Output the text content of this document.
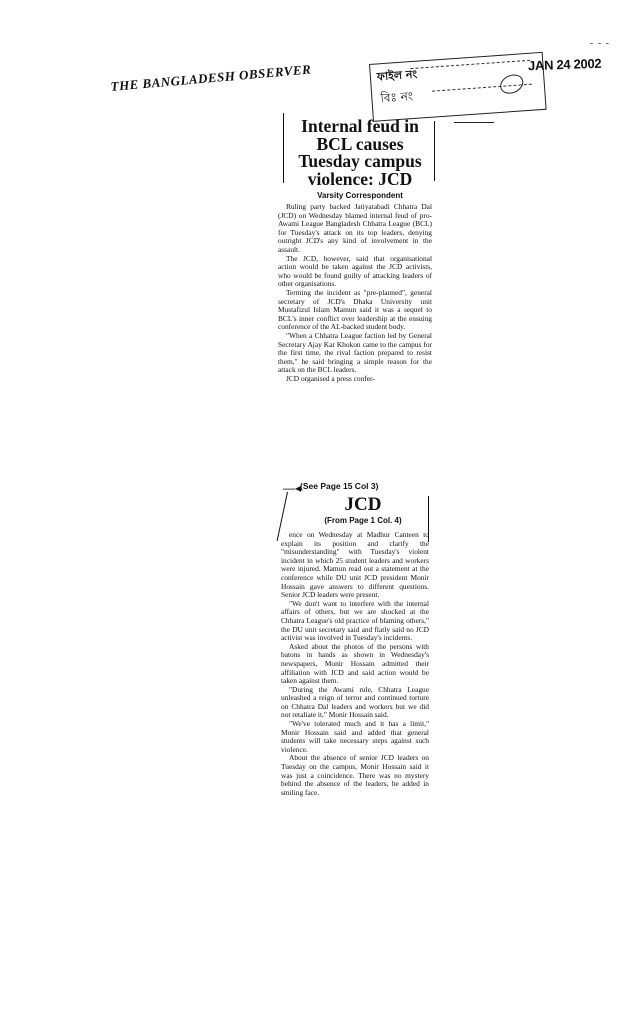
- - -
JAN 24 2002
THE BANGLADESH OBSERVER	ফাইল নং
বিঃ নং
Internal feud in BCL causes Tuesday campus violence: JCD
Varsity Correspondent

Ruling party backed Jatiyatabadi Chhatra Dal (JCD) on Wednesday blamed internal feud of pro-Awami League Bangladesh Chhatra League (BCL) for Tuesday's attack on its top leaders, denying outright JCD's any kind of involvement in the assault.

The JCD, however, said that organisational action would be taken against the JCD activists, who would be found guilty of attacking leaders of other organisations.

Terming the incident as "pre-planned", general secretary of JCD's Dhaka University unit Mustafizul Islam Mamun said it was a sequel to BCL's inner conflict over leadership at the ensuing conference of the AL-backed student body.

"When a Chhatra League faction led by General Secretary Ajay Kar Khokon came to the campus for the first time, the rival faction prepared to resist them," he said bringing a simple reason for the attack on the BCL leaders.

JCD organised a press confer-

—◂
(See Page 15 Col 3)
JCD
(From Page 1 Col. 4)

ence on Wednesday at Madhur Canteen to explain its position and clarify the "misunderstanding" with Tuesday's violent incident in which 25 student leaders and workers were injured. Mamun read out a statement at the conference while DU unit JCD president Monir Hossain gave answers to different questions. Senior JCD leaders were present.

"We don't want to interfere with the internal affairs of others, but we are shocked at the Chhatra League's old practice of blaming others," the DU unit secretary said and flatly said no JCD activist was involved in Tuesday's incidents.

Asked about the photos of the persons with batons in hands as shown in Wednesday's newspapers, Monir Hossain admitted their affiliation with JCD and said action would be taken against them.

"During the Awami rule, Chhatra League unleashed a reign of terror and continued torture on Chhatra Dal leaders and workers but we did not retaliate it," Monir Hossain said.

"We've tolerated much and it has a limit," Monir Hossain said and added that general students will take necessary steps against such violence.

About the absence of senior JCD leaders on Tuesday on the campus, Monir Hossain said it was just a coincidence. There was no mystery behind the absence of the leaders, he added in smiling face.
